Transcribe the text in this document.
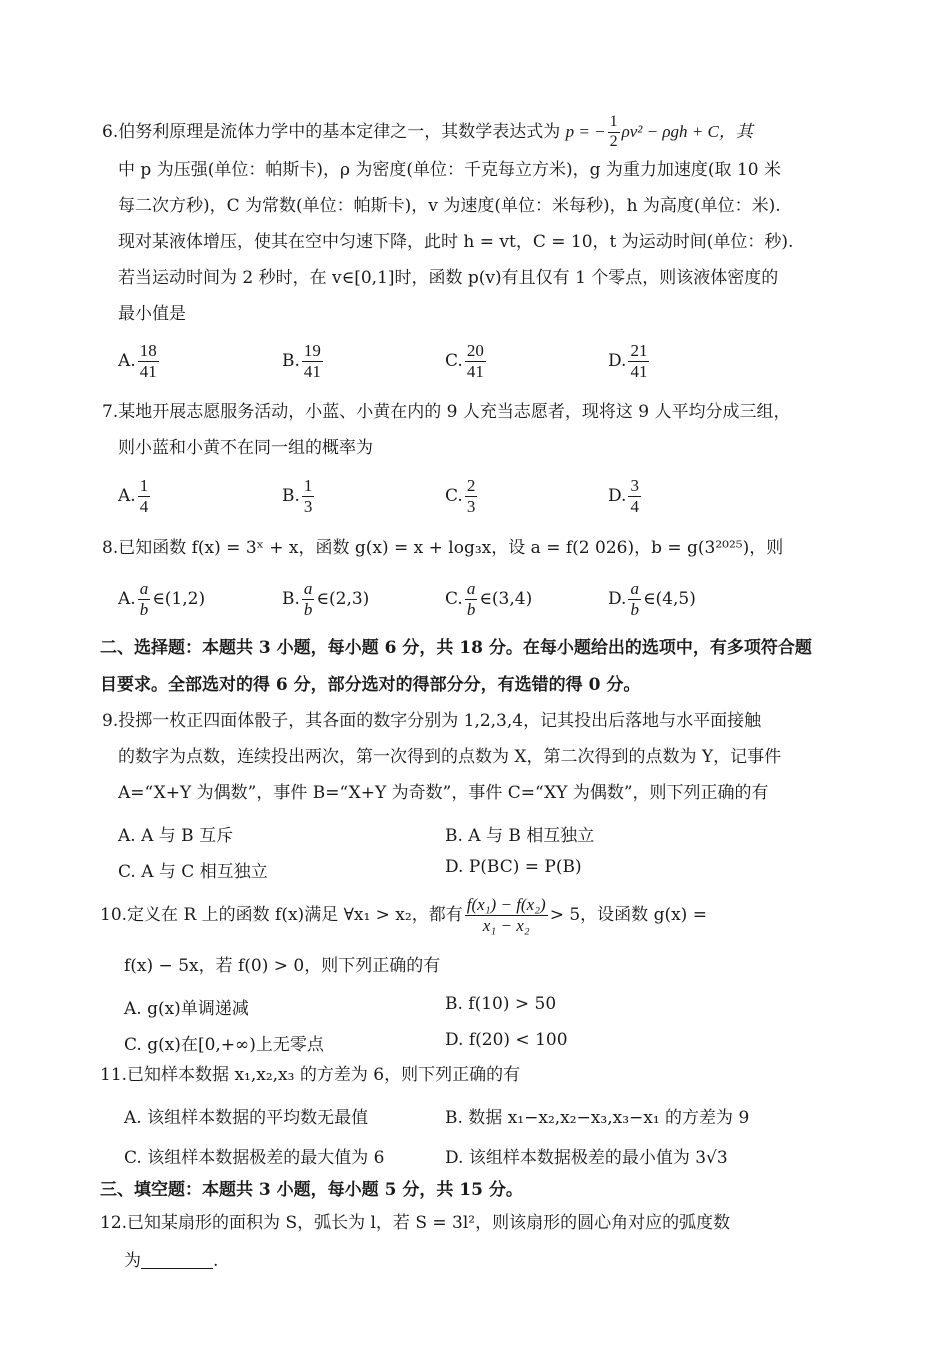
6.伯努利原理是流体力学中的基本定律之一，其数学表达式为 p = − $\frac{1}{2} \rho v^2 - \rho gh + C$，其
中 p 为压强(单位：帕斯卡)，ρ 为密度(单位：千克每立方米)，g 为重力加速度(取 10 米
每二次方秒)，C 为常数(单位：帕斯卡)，v 为速度(单位：米每秒)，h 为高度(单位：米).
现对某液体增压，使其在空中匀速下降，此时 h = vt，C = 10，t 为运动时间(单位：秒).
若当运动时间为 2 秒时，在 v∈[0,1]时，函数 p(v)有且仅有 1 个零点，则该液体密度的
最小值是
A. $\frac{18}{41}$	B. $\frac{19}{41}$	C. $\frac{20}{41}$	D. $\frac{21}{41}$
7.某地开展志愿服务活动，小蓝、小黄在内的 9 人充当志愿者，现将这 9 人平均分成三组，
则小蓝和小黄不在同一组的概率为
A. $\frac{1}{4}$	B. $\frac{1}{3}$	C. $\frac{2}{3}$	D. $\frac{3}{4}$
8.已知函数 f(x) = 3ˣ + x，函数 g(x) = x + log₃x，设 a = f(2 026)，b = g(3²⁰²⁵)，则
A. $\frac{a}{b}$ ∈(1,2)	B. $\frac{a}{b}$ ∈(2,3)	C. $\frac{a}{b}$ ∈(3,4)	D. $\frac{a}{b}$ ∈(4,5)
二、选择题：本题共 3 小题，每小题 6 分，共 18 分。在每小题给出的选项中，有多项符合题
目要求。全部选对的得 6 分，部分选对的得部分分，有选错的得 0 分。
9.投掷一枚正四面体骰子，其各面的数字分别为 1,2,3,4，记其投出后落地与水平面接触
的数字为点数，连续投出两次，第一次得到的点数为 X，第二次得到的点数为 Y，记事件
A=“X+Y 为偶数”，事件 B=“X+Y 为奇数”，事件 C=“XY 为偶数”，则下列正确的有
A. A 与 B 互斥	B. A 与 B 相互独立
C. A 与 C 相互独立	D. P(BC) = P(B)
10.定义在 R 上的函数 f(x)满足 ∀x₁ > x₂，都有 $\frac{\text{f(x₁) − f(x₂)}}{\text{x₁ − x₂}} > 5$，设函数 g(x) =
f(x) − 5x，若 f(0) > 0，则下列正确的有
A. g(x)单调递减	B. f(10) > 50
C. g(x)在[0,+∞)上无零点	D. f(20) < 100
11.已知样本数据 x₁,x₂,x₃ 的方差为 6，则下列正确的有
A. 该组样本数据的平均数无最值	B. 数据 x₁−x₂,x₂−x₃,x₃−x₁ 的方差为 9
C. 该组样本数据极差的最大值为 6	D. 该组样本数据极差的最小值为 3√3
三、填空题：本题共 3 小题，每小题 5 分，共 15 分。
12.已知某扇形的面积为 S，弧长为 l，若 S = 3l²，则该扇形的圆心角对应的弧度数
为	.
